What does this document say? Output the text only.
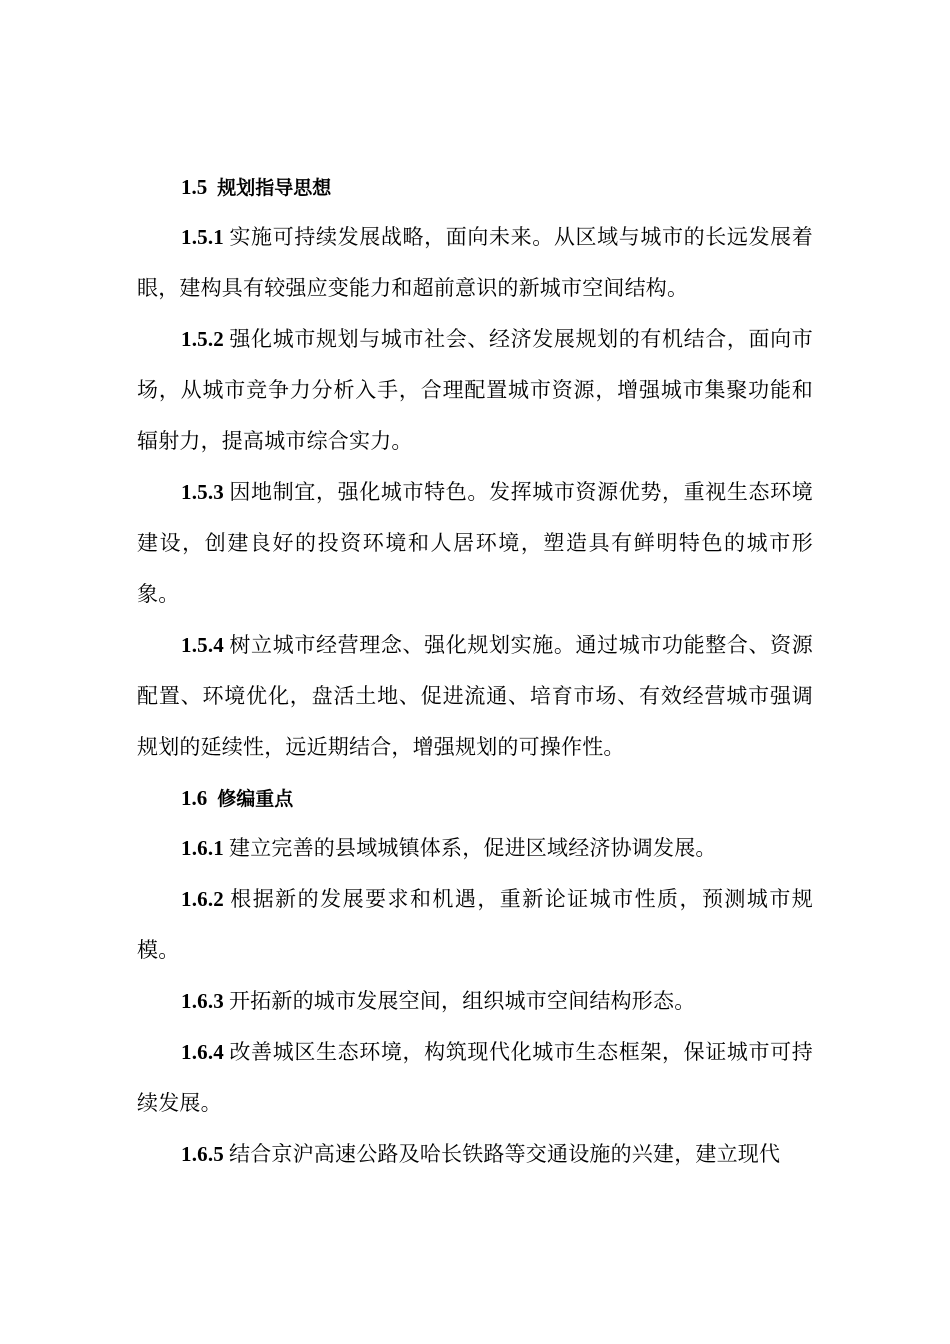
1.5 规划指导思想

1.5.1 实施可持续发展战略，面向未来。从区域与城市的长远发展着眼，建构具有较强应变能力和超前意识的新城市空间结构。

1.5.2 强化城市规划与城市社会、经济发展规划的有机结合，面向市场，从城市竞争力分析入手，合理配置城市资源，增强城市集聚功能和辐射力，提高城市综合实力。

1.5.3 因地制宜，强化城市特色。发挥城市资源优势，重视生态环境建设，创建良好的投资环境和人居环境，塑造具有鲜明特色的城市形象。

1.5.4 树立城市经营理念、强化规划实施。通过城市功能整合、资源配置、环境优化，盘活土地、促进流通、培育市场、有效经营城市强调规划的延续性，远近期结合，增强规划的可操作性。

1.6 修编重点

1.6.1 建立完善的县域城镇体系，促进区域经济协调发展。

1.6.2 根据新的发展要求和机遇，重新论证城市性质，预测城市规模。

1.6.3 开拓新的城市发展空间，组织城市空间结构形态。

1.6.4 改善城区生态环境，构筑现代化城市生态框架，保证城市可持续发展。

1.6.5 结合京沪高速公路及哈长铁路等交通设施的兴建，建立现代
